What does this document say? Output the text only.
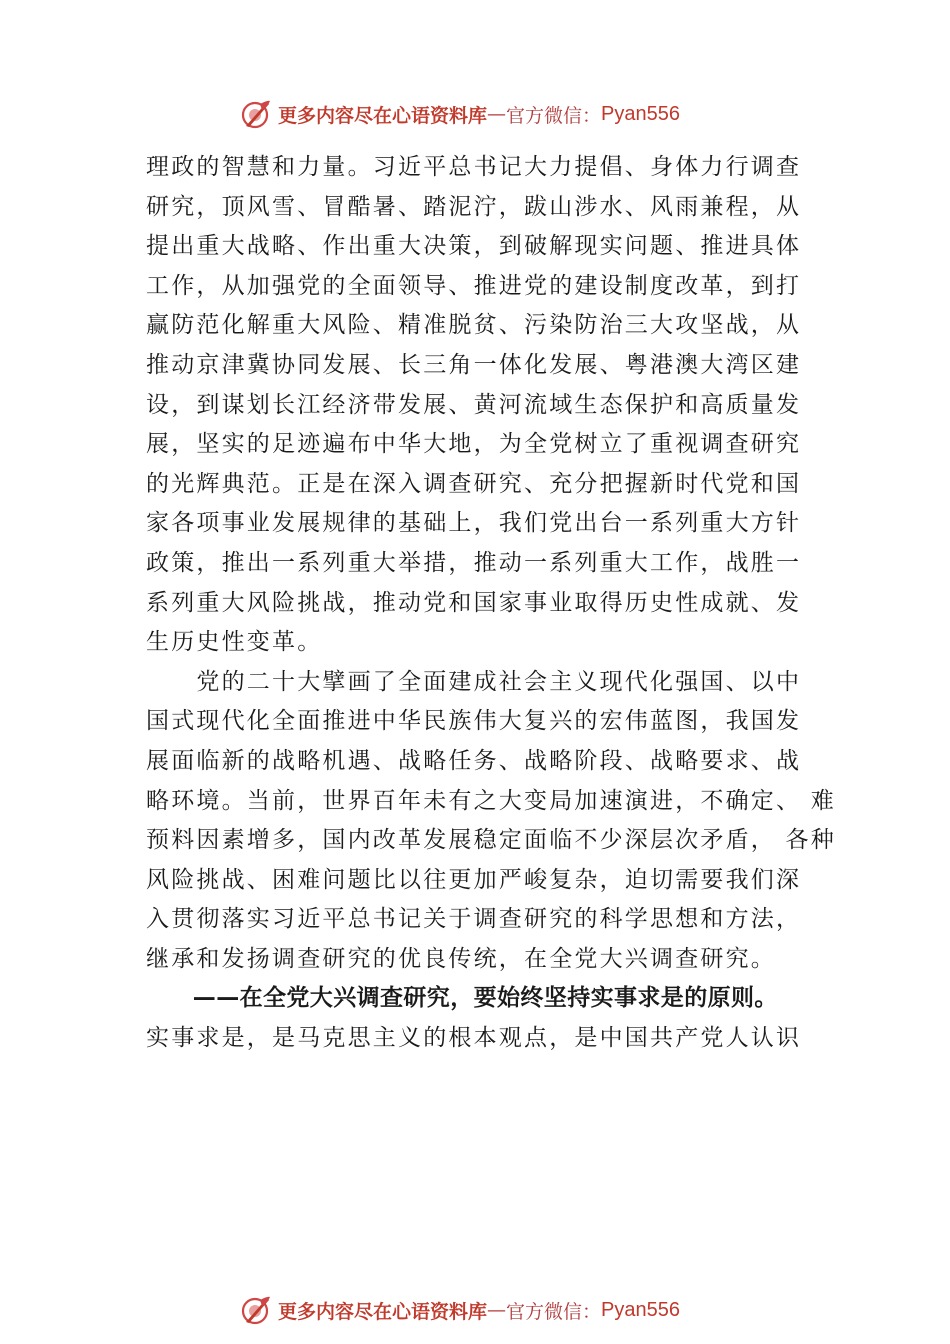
更多内容尽在心语资料库 — 官方微信： Pyan556
理政的智慧和力量。习近平总书记大力提倡、身体力行调查
研究，顶风雪、冒酷暑、踏泥泞，跋山涉水、风雨兼程，从
提出重大战略、作出重大决策，到破解现实问题、推进具体
工作，从加强党的全面领导、推进党的建设制度改革，到打
赢防范化解重大风险、精准脱贫、污染防治三大攻坚战，从
推动京津冀协同发展、长三角一体化发展、粤港澳大湾区建
设，到谋划长江经济带发展、黄河流域生态保护和高质量发
展，坚实的足迹遍布中华大地，为全党树立了重视调查研究
的光辉典范。正是在深入调查研究、充分把握新时代党和国
家各项事业发展规律的基础上，我们党出台一系列重大方针
政策，推出一系列重大举措，推动一系列重大工作，战胜一
系列重大风险挑战，推动党和国家事业取得历史性成就、发
生历史性变革。
　　党的二十大擘画了全面建成社会主义现代化强国、以中
国式现代化全面推进中华民族伟大复兴的宏伟蓝图，我国发
展面临新的战略机遇、战略任务、战略阶段、战略要求、战
略环境。当前，世界百年未有之大变局加速演进，不确定、 难
预料因素增多，国内改革发展稳定面临不少深层次矛盾， 各种
风险挑战、困难问题比以往更加严峻复杂，迫切需要我们深
入贯彻落实习近平总书记关于调查研究的科学思想和方法，
继承和发扬调查研究的优良传统，在全党大兴调查研究。
　　——在全党大兴调查研究，要始终坚持实事求是的原则。
实事求是，是马克思主义的根本观点，是中国共产党人认识
更多内容尽在心语资料库 — 官方微信： Pyan556
